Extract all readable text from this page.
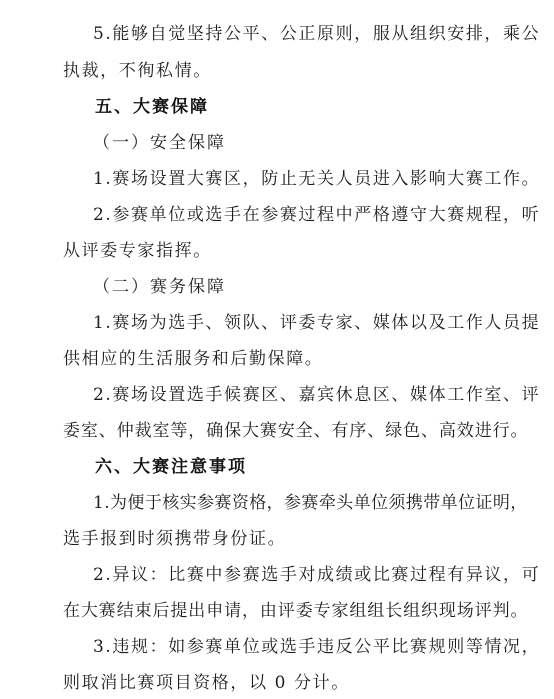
5.能够自觉坚持公平、公正原则，服从组织安排，乘公
执裁，不徇私情。
五、大赛保障
（一）安全保障
1.赛场设置大赛区，防止无关人员进入影响大赛工作。
2.参赛单位或选手在参赛过程中严格遵守大赛规程，听
从评委专家指挥。
（二）赛务保障
1.赛场为选手、领队、评委专家、媒体以及工作人员提
供相应的生活服务和后勤保障。
2.赛场设置选手候赛区、嘉宾休息区、媒体工作室、评
委室、仲裁室等，确保大赛安全、有序、绿色、高效进行。
六、大赛注意事项
1.为便于核实参赛资格，参赛牵头单位须携带单位证明，
选手报到时须携带身份证。
2.异议：比赛中参赛选手对成绩或比赛过程有异议，可
在大赛结束后提出申请，由评委专家组组长组织现场评判。
3.违规：如参赛单位或选手违反公平比赛规则等情况，
则取消比赛项目资格，以 0 分计。
